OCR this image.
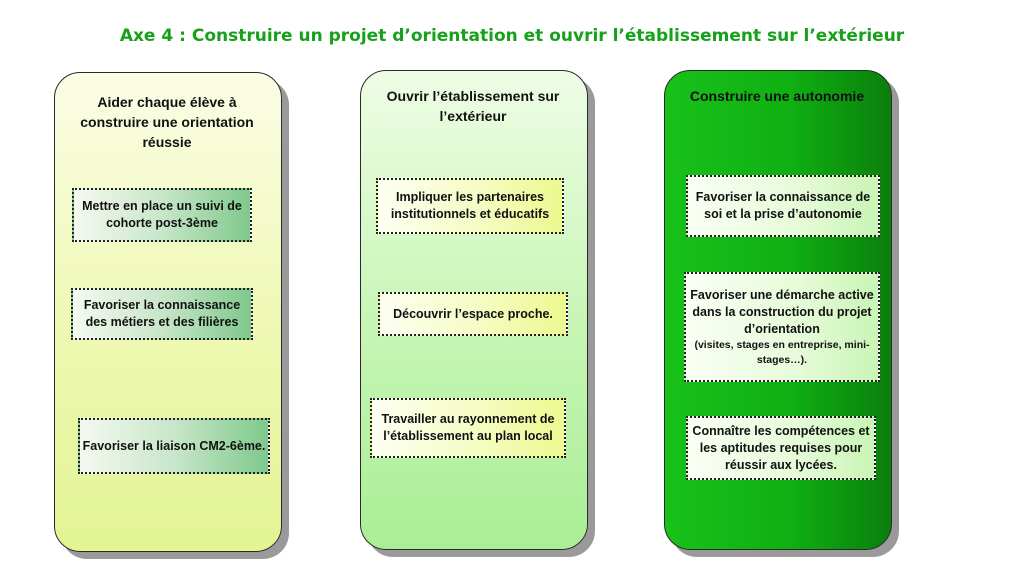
Axe 4 : Construire un projet d’orientation et ouvrir l’établissement sur l’extérieur
Aider chaque élève à construire une orientation réussie
Mettre en place un suivi de cohorte post-3ème
Favoriser la connaissance des métiers et des filières
Favoriser la liaison CM2-6ème.
Ouvrir l’établissement sur l’extérieur
Impliquer les partenaires institutionnels et éducatifs
Découvrir l’espace proche.
Travailler au rayonnement de l’établissement au plan local
Construire une autonomie
Favoriser la connaissance de soi et la prise d’autonomie
Favoriser une démarche active dans la construction du projet d’orientation
(visites, stages en entreprise, mini-stages…).
Connaître les compétences et les aptitudes requises pour réussir aux lycées.
